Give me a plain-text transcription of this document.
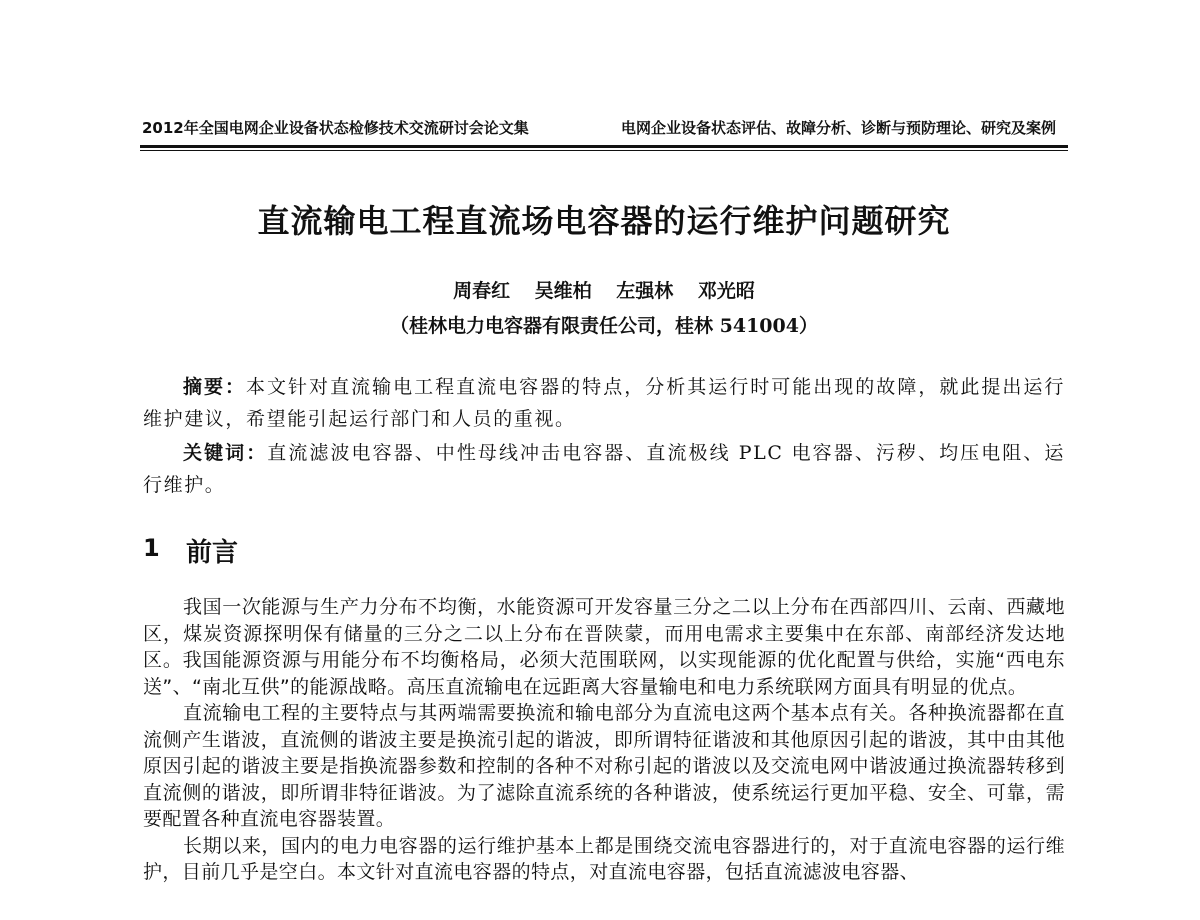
2012年全国电网企业设备状态检修技术交流研讨会论文集	电网企业设备状态评估、故障分析、诊断与预防理论、研究及案例
直流输电工程直流场电容器的运行维护问题研究
周春红 吴维柏 左强林 邓光昭
（桂林电力电容器有限责任公司，桂林 541004）
摘要：本文针对直流输电工程直流电容器的特点，分析其运行时可能出现的故障，就此提出运行维护建议，希望能引起运行部门和人员的重视。
关键词：直流滤波电容器、中性母线冲击电容器、直流极线 PLC 电容器、污秽、均压电阻、运行维护。
1 前言

我国一次能源与生产力分布不均衡，水能资源可开发容量三分之二以上分布在西部四川、云南、西藏地区，煤炭资源探明保有储量的三分之二以上分布在晋陕蒙，而用电需求主要集中在东部、南部经济发达地区。我国能源资源与用能分布不均衡格局，必须大范围联网，以实现能源的优化配置与供给，实施“西电东送”、“南北互供”的能源战略。高压直流输电在远距离大容量输电和电力系统联网方面具有明显的优点。

直流输电工程的主要特点与其两端需要换流和输电部分为直流电这两个基本点有关。各种换流器都在直流侧产生谐波，直流侧的谐波主要是换流引起的谐波，即所谓特征谐波和其他原因引起的谐波，其中由其他原因引起的谐波主要是指换流器参数和控制的各种不对称引起的谐波以及交流电网中谐波通过换流器转移到直流侧的谐波，即所谓非特征谐波。为了滤除直流系统的各种谐波，使系统运行更加平稳、安全、可靠，需要配置各种直流电容器装置。

长期以来，国内的电力电容器的运行维护基本上都是围绕交流电容器进行的，对于直流电容器的运行维护，目前几乎是空白。本文针对直流电容器的特点，对直流电容器，包括直流滤波电容器、
